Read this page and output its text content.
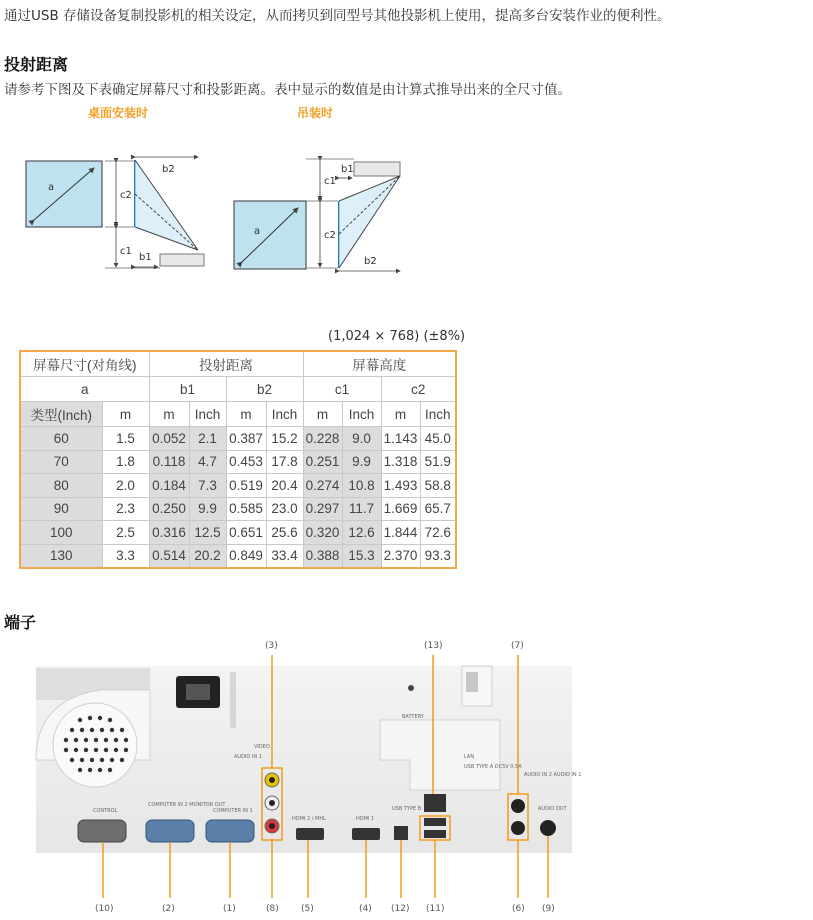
通过USB 存储设备复制投影机的相关设定，从而拷贝到同型号其他投影机上使用，提高多台安装作业的便利性。
投射距离
请参考下图及下表确定屏幕尺寸和投影距离。表中显示的数值是由计算式推导出来的全尺寸值。
桌面安装时	吊装时
a
c2
c1
b2
b1
a
c1
c2
b1
b2
(1,024 × 768) (±8%)
屏幕尺寸(对角线)		投射距离				屏幕高度			
a		b1		b2		c1		c2	
类型(Inch)	m	m	Inch	m	Inch	m	Inch	m	Inch
60	1.5	0.052	2.1	0.387	15.2	0.228	9.0	1.143	45.0
70	1.8	0.118	4.7	0.453	17.8	0.251	9.9	1.318	51.9
80	2.0	0.184	7.3	0.519	20.4	0.274	10.8	1.493	58.8
90	2.3	0.250	9.9	0.585	23.0	0.297	11.7	1.669	65.7
100	2.5	0.316	12.5	0.651	25.6	0.320	12.6	1.844	72.6
130	3.3	0.514	20.2	0.849	33.4	0.388	15.3	2.370	93.3
端子
BATTERY
CONTROL
COMPUTER IN 2 MONITOR OUT
COMPUTER IN 1
VIDEO
AUDIO IN 1
HDMI 2 / MHL	HDMI 1
USB TYPE B
LAN
USB TYPE A DC5V 0.5A
AUDIO IN 2 AUDIO IN 1
AUDIO OUT
(3)	(13)	(7)
(10)	(2)	(1)	(8) (5)	(4) (12) (11)	(6) (9)
